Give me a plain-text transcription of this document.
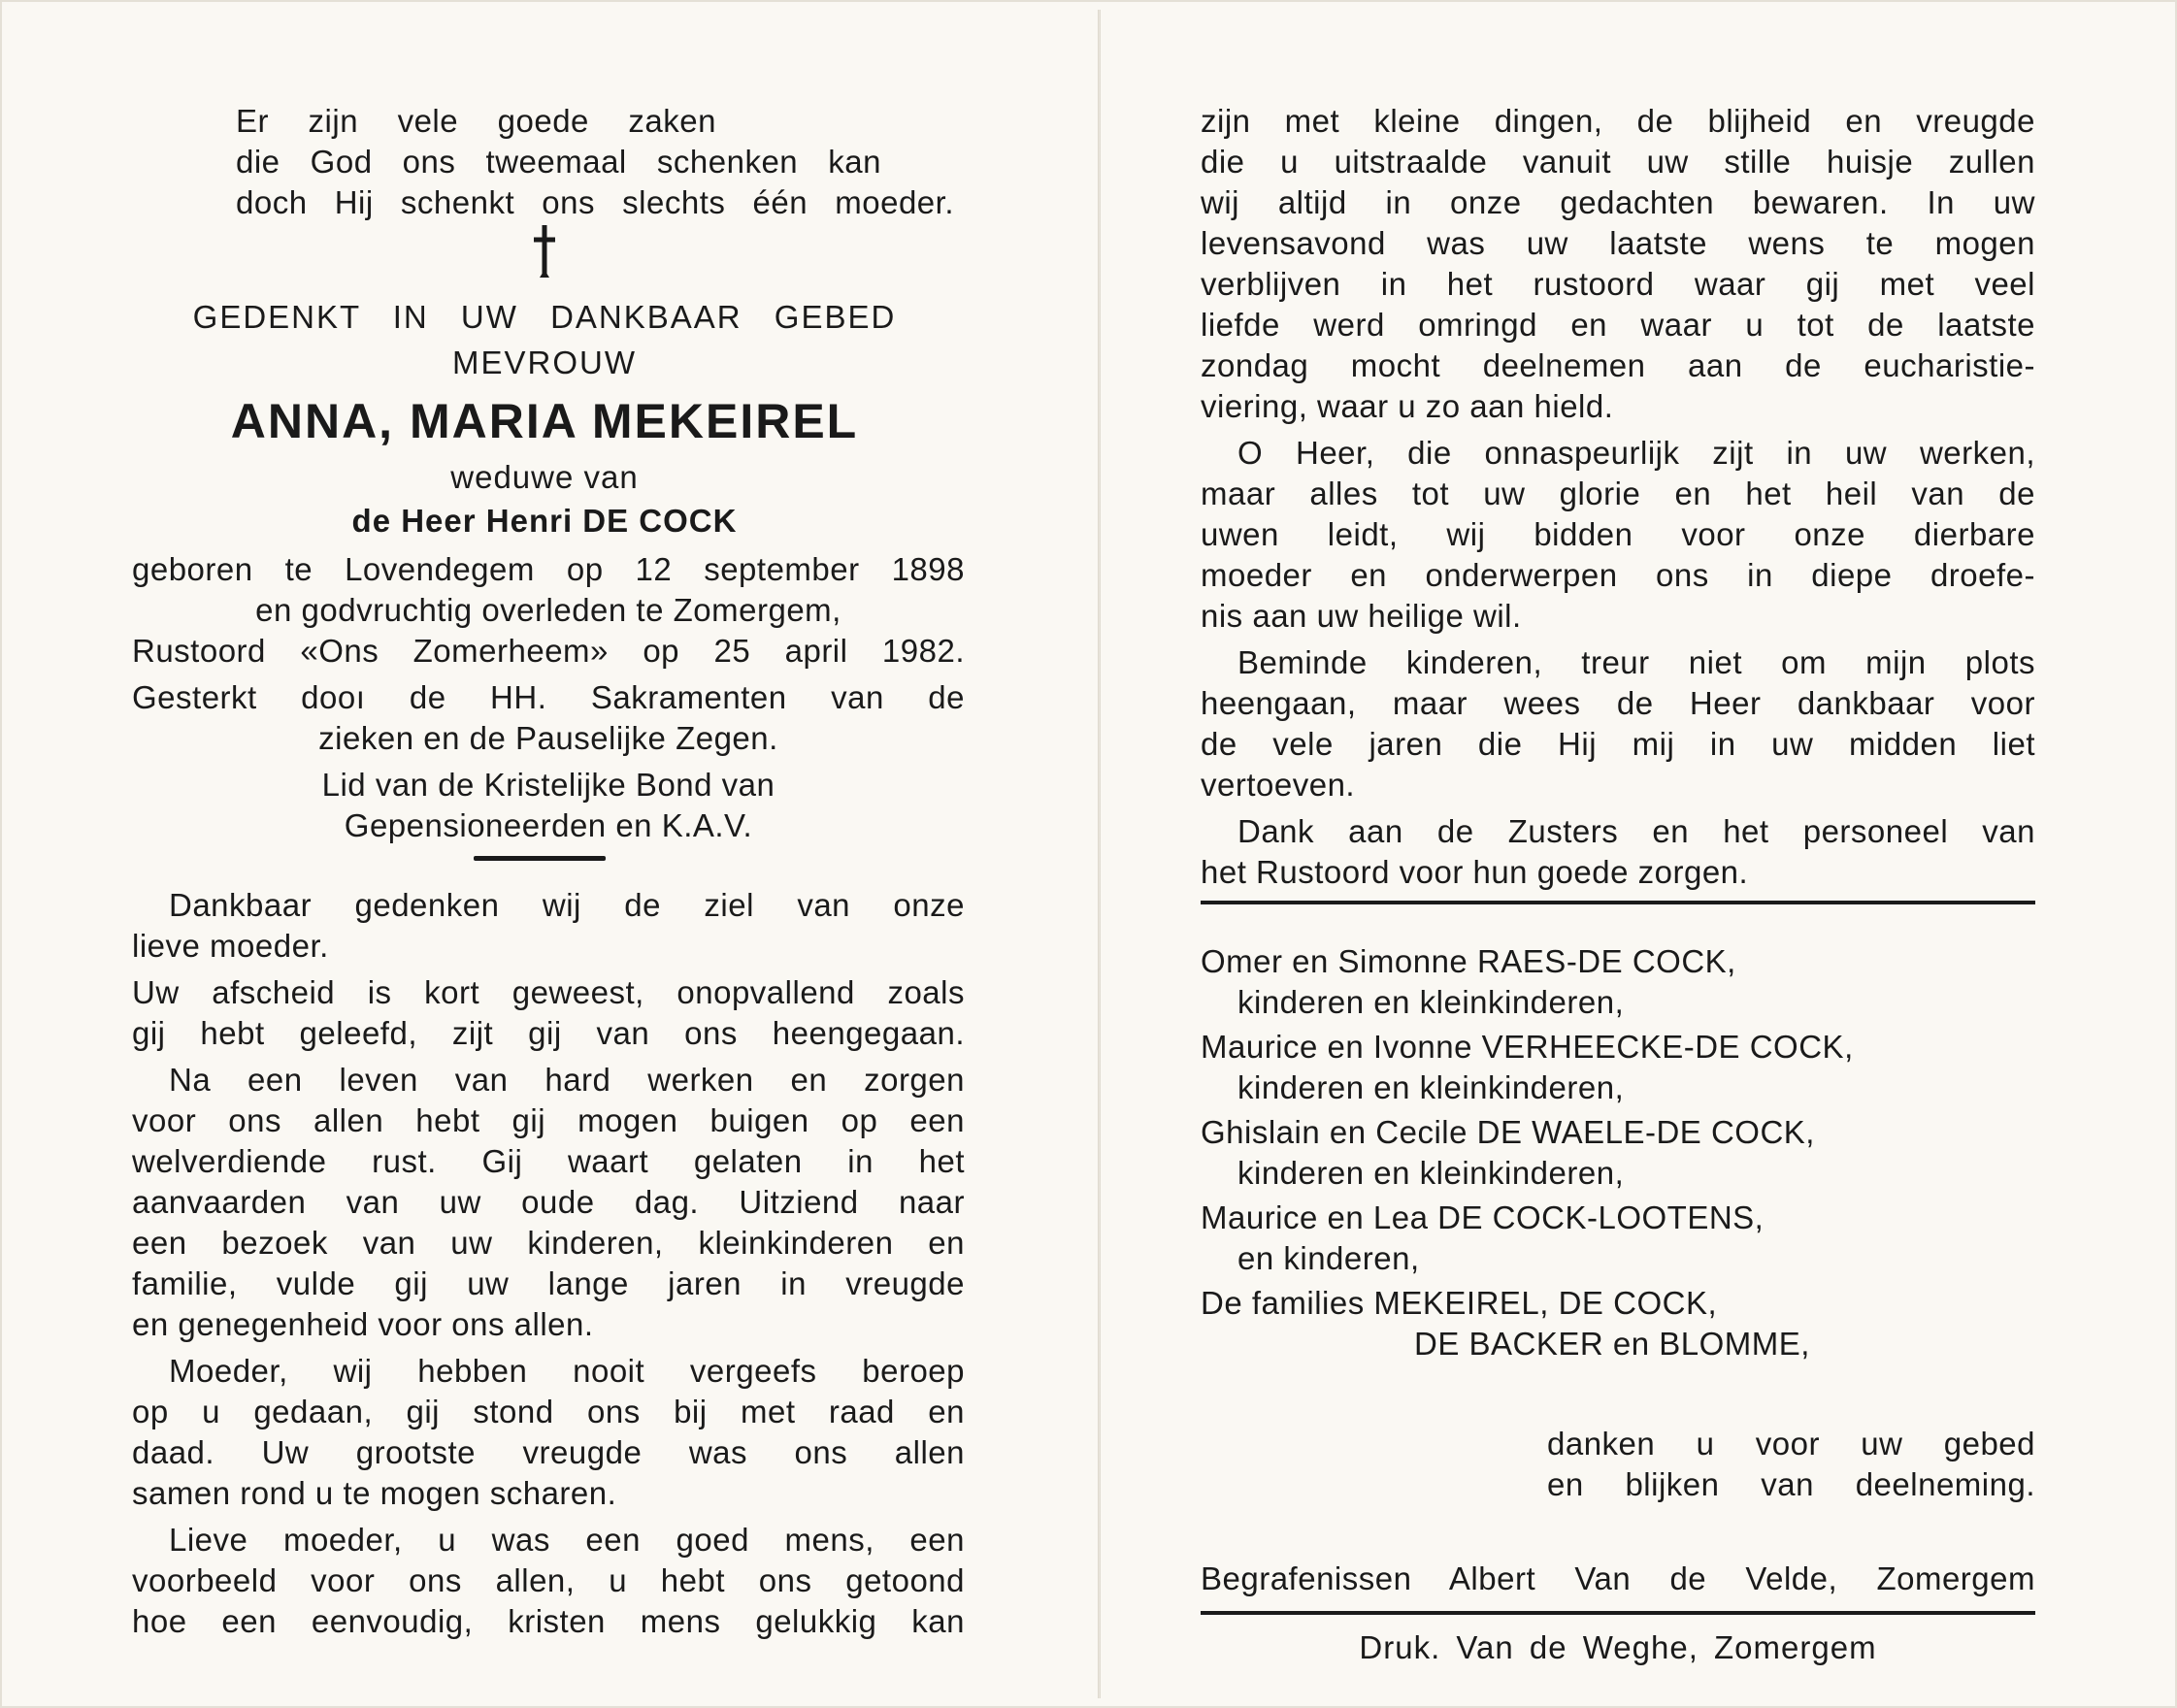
Er zijn vele goede zaken
die God ons tweemaal schenken kan
doch Hij schenkt ons slechts één moeder.
GEDENKT IN UW DANKBAAR GEBED
MEVROUW
ANNA, MARIA MEKEIREL
weduwe van
de Heer Henri DE COCK
geboren te Lovendegem op 12 september 1898
en godvruchtig overleden te Zomergem,
Rustoord «Ons Zomerheem» op 25 april 1982.
Gesterkt dooı de HH. Sakramenten van de
zieken en de Pauselijke Zegen.
Lid van de Kristelijke Bond van
Gepensioneerden en K.A.V.
Dankbaar gedenken wij de ziel van onze
lieve moeder.
Uw afscheid is kort geweest, onopvallend zoals
gij hebt geleefd, zijt gij van ons heengegaan.
Na een leven van hard werken en zorgen
voor ons allen hebt gij mogen buigen op een
welverdiende rust. Gij waart gelaten in het
aanvaarden van uw oude dag. Uitziend naar
een bezoek van uw kinderen, kleinkinderen en
familie, vulde gij uw lange jaren in vreugde
en genegenheid voor ons allen.
Moeder, wij hebben nooit vergeefs beroep
op u gedaan, gij stond ons bij met raad en
daad. Uw grootste vreugde was ons allen
samen rond u te mogen scharen.
Lieve moeder, u was een goed mens, een
voorbeeld voor ons allen, u hebt ons getoond
hoe een eenvoudig, kristen mens gelukkig kan
zijn met kleine dingen, de blijheid en vreugde
die u uitstraalde vanuit uw stille huisje zullen
wij altijd in onze gedachten bewaren. In uw
levensavond was uw laatste wens te mogen
verblijven in het rustoord waar gij met veel
liefde werd omringd en waar u tot de laatste
zondag mocht deelnemen aan de eucharistie-
viering, waar u zo aan hield.
O Heer, die onnaspeurlijk zijt in uw werken,
maar alles tot uw glorie en het heil van de
uwen leidt, wij bidden voor onze dierbare
moeder en onderwerpen ons in diepe droefe-
nis aan uw heilige wil.
Beminde kinderen, treur niet om mijn plots
heengaan, maar wees de Heer dankbaar voor
de vele jaren die Hij mij in uw midden liet
vertoeven.
Dank aan de Zusters en het personeel van
het Rustoord voor hun goede zorgen.
Omer en Simonne RAES-DE COCK,
kinderen en kleinkinderen,
Maurice en Ivonne VERHEECKE-DE COCK,
kinderen en kleinkinderen,
Ghislain en Cecile DE WAELE-DE COCK,
kinderen en kleinkinderen,
Maurice en Lea DE COCK-LOOTENS,
en kinderen,
De families MEKEIREL, DE COCK,
DE BACKER en BLOMME,
danken u voor uw gebed
en blijken van deelneming.
Begrafenissen Albert Van de Velde, Zomergem
Druk. Van de Weghe, Zomergem
